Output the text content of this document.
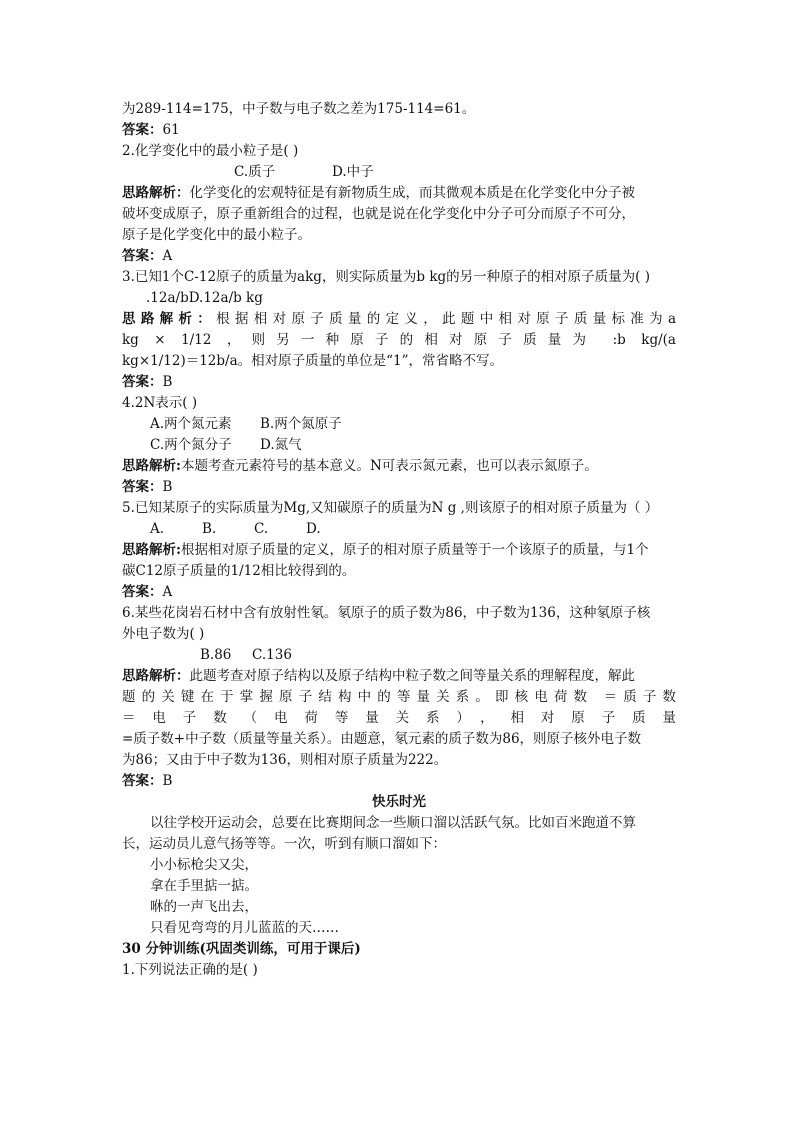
为289-114=175，中子数与电子数之差为175-114=61。
答案：61
2.化学变化中的最小粒子是( )
C.质子	D.中子
思路解析：化学变化的宏观特征是有新物质生成，而其微观本质是在化学变化中分子被
破坏变成原子，原子重新组合的过程，也就是说在化学变化中分子可分而原子不可分，
原子是化学变化中的最小粒子。
答案：A
3.已知1个C-12原子的质量为akg，则实际质量为b kg的另一种原子的相对原子质量为( )
.12a/bD.12a/b kg
思路解析：根据相对原子质量的定义，此题中相对原子质量标准为a
kg × 1/12 ，则另一种原子的相对原子质量为 :b kg/(a
kg×1/12)＝12b/a。相对原子质量的单位是“1”，常省略不写。
答案：B
4.2N表示( )
A.两个氮元素 B.两个氮原子
C.两个氮分子 D.氮气
思路解析:本题考查元素符号的基本意义。N可表示氮元素，也可以表示氮原子。
答案：B
5.已知某原子的实际质量为Mg,又知碳原子的质量为N g ,则该原子的相对原子质量为（ ）
A.	B.	C.	D.
思路解析:根据相对原子质量的定义，原子的相对原子质量等于一个该原子的质量，与1个
碳C12原子质量的1/12相比较得到的。
答案：A
6.某些花岗岩石材中含有放射性氡。氡原子的质子数为86，中子数为136，这种氡原子核
外电子数为( )
B.86 C.136
思路解析：此题考查对原子结构以及原子结构中粒子数之间等量关系的理解程度，解此
题的关键在于掌握原子结构中的等量关系。即核电荷数 ＝质子数
＝电子数（电荷等量关系），相对原子质量
=质子数+中子数（质量等量关系）。由题意，氡元素的质子数为86，则原子核外电子数
为86；又由于中子数为136，则相对原子质量为222。
答案：B
快乐时光
以往学校开运动会，总要在比赛期间念一些顺口溜以活跃气氛。比如百米跑道不算
长，运动员儿意气扬等等。一次，听到有顺口溜如下：
小小标枪尖又尖，
拿在手里掂一掂。
咻的一声飞出去，
只看见弯弯的月儿蓝蓝的天……
30 分钟训练(巩固类训练，可用于课后)
1.下列说法正确的是( )
